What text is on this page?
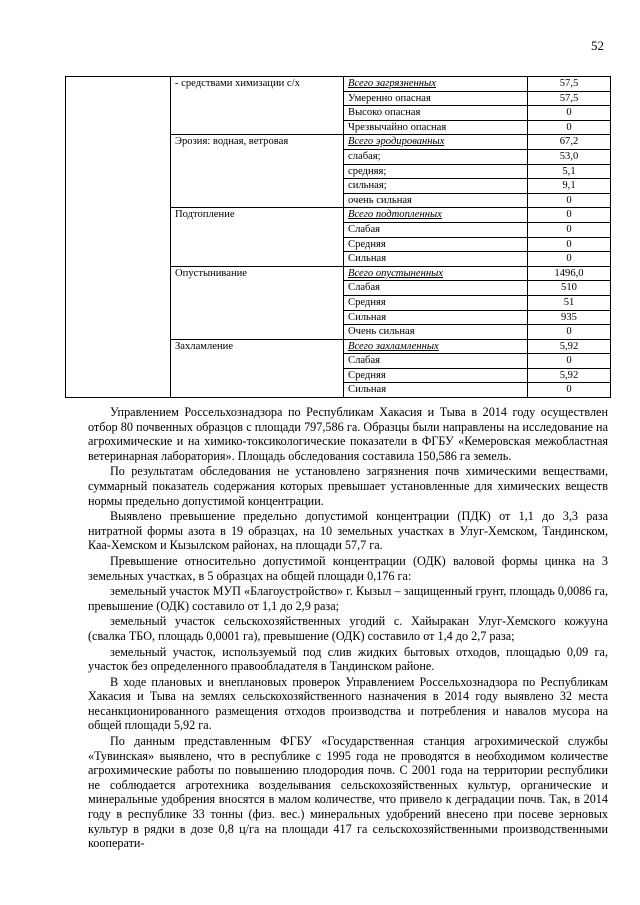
52
	- средствами химизации с/х	Всего загрязненных	57,5
		Умеренно опасная	57,5
		Высоко опасная	0
		Чрезвычайно опасная	0
	Эрозия: водная, ветровая	Всего эродированных	67,2
		слабая;	53,0
		средняя;	5,1
		сильная;	9,1
		очень сильная	0
	Подтопление	Всего подтопленных	0
		Слабая	0
		Средняя	0
		Сильная	0
	Опустынивание	Всего опустыненных	1496,0
		Слабая	510
		Средняя	51
		Сильная	935
		Очень сильная	0
	Захламление	Всего захламленных	5,92
		Слабая	0
		Средняя	5,92
		Сильная	0

Управлением Россельхознадзора по Республикам Хакасия и Тыва в 2014 году осуществлен отбор 80 почвенных образцов с площади 797,586 га. Образцы были направлены на исследование на агрохимические и на химико-токсикологические показатели в ФГБУ «Кемеровская межобластная ветеринарная лаборатория». Площадь обследования составила 150,586 га земель.

По результатам обследования не установлено загрязнения почв химическими веществами, суммарный показатель содержания которых превышает установленные для химических веществ нормы предельно допустимой концентрации.

Выявлено превышение предельно допустимой концентрации (ПДК) от 1,1 до 3,3 раза нитратной формы азота в 19 образцах, на 10 земельных участках в Улуг-Хемском, Тандинском, Каа-Хемском и Кызылском районах, на площади 57,7 га.

Превышение относительно допустимой концентрации (ОДК) валовой формы цинка на 3 земельных участках, в 5 образцах на общей площади 0,176 га:

земельный участок МУП «Благоустройство» г. Кызыл – защищенный грунт, площадь 0,0086 га, превышение (ОДК) составило от 1,1 до 2,9 раза;

земельный участок сельскохозяйственных угодий с. Хайыракан Улуг-Хемского кожууна (свалка ТБО, площадь 0,0001 га), превышение (ОДК) составило от 1,4 до 2,7 раза;

земельный участок, используемый под слив жидких бытовых отходов, площадью 0,09 га, участок без определенного правообладателя в Тандинском районе.

В ходе плановых и внеплановых проверок Управлением Россельхознадзора по Республикам Хакасия и Тыва на землях сельскохозяйственного назначения в 2014 году выявлено 32 места несанкционированного размещения отходов производства и потребления и навалов мусора на общей площади 5,92 га.

По данным представленным ФГБУ «Государственная станция агрохимической службы «Тувинская» выявлено, что в республике с 1995 года не проводятся в необходимом количестве агрохимические работы по повышению плодородия почв. С 2001 года на территории республики не соблюдается агротехника возделывания сельскохозяйственных культур, органические и минеральные удобрения вносятся в малом количестве, что привело к деградации почв. Так, в 2014 году в республике 33 тонны (физ. вес.) минеральных удобрений внесено при посеве зерновых культур в рядки в дозе 0,8 ц/га на площади 417 га сельскохозяйственными производственными кооперати-
